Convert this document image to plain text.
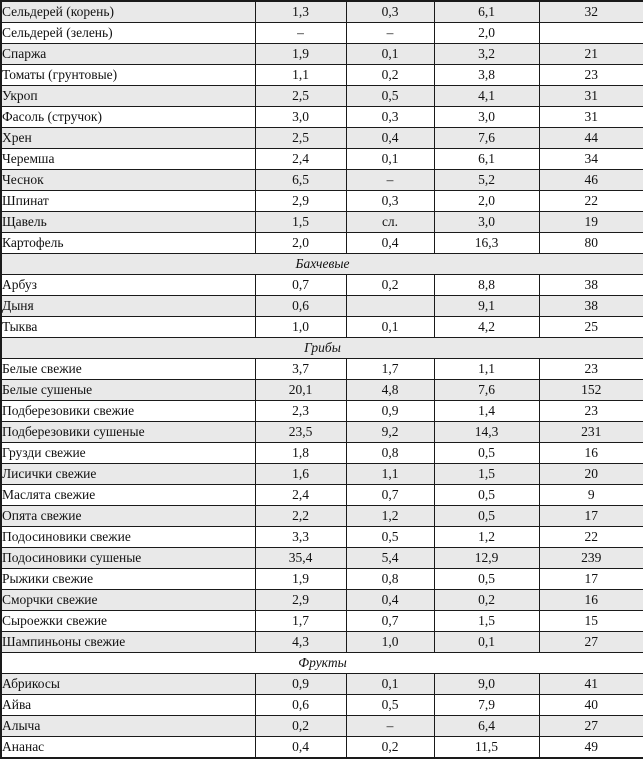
Сельдерей (корень)	1,3	0,3	6,1	32
Сельдерей (зелень)	–	–	2,0	
Спаржа	1,9	0,1	3,2	21
Томаты (грунтовые)	1,1	0,2	3,8	23
Укроп	2,5	0,5	4,1	31
Фасоль (стручок)	3,0	0,3	3,0	31
Хрен	2,5	0,4	7,6	44
Черемша	2,4	0,1	6,1	34
Чеснок	6,5	–	5,2	46
Шпинат	2,9	0,3	2,0	22
Щавель	1,5	сл.	3,0	19
Картофель	2,0	0,4	16,3	80
Бахчевые				
Арбуз	0,7	0,2	8,8	38
Дыня	0,6		9,1	38
Тыква	1,0	0,1	4,2	25
Грибы				
Белые свежие	3,7	1,7	1,1	23
Белые сушеные	20,1	4,8	7,6	152
Подберезовики свежие	2,3	0,9	1,4	23
Подберезовики сушеные	23,5	9,2	14,3	231
Грузди свежие	1,8	0,8	0,5	16
Лисички свежие	1,6	1,1	1,5	20
Маслята свежие	2,4	0,7	0,5	9
Опята свежие	2,2	1,2	0,5	17
Подосиновики свежие	3,3	0,5	1,2	22
Подосиновики сушеные	35,4	5,4	12,9	239
Рыжики свежие	1,9	0,8	0,5	17
Сморчки свежие	2,9	0,4	0,2	16
Сыроежки свежие	1,7	0,7	1,5	15
Шампиньоны свежие	4,3	1,0	0,1	27
Фрукты				
Абрикосы	0,9	0,1	9,0	41
Айва	0,6	0,5	7,9	40
Алыча	0,2	–	6,4	27
Ананас	0,4	0,2	11,5	49
